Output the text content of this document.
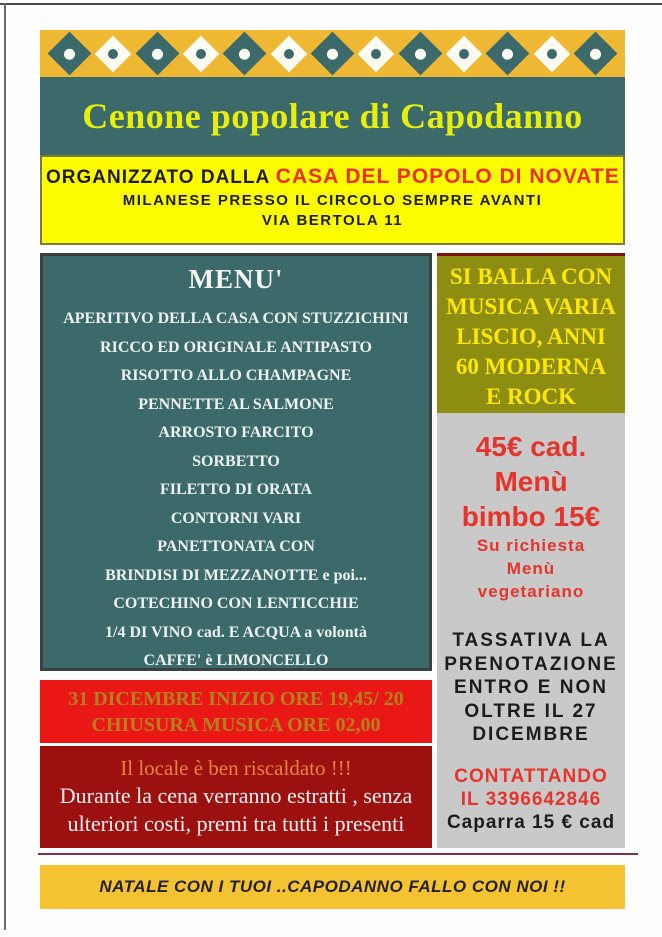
Cenone popolare di Capodanno
ORGANIZZATO DALLA CASA DEL POPOLO DI NOVATE
MILANESE PRESSO IL CIRCOLO SEMPRE AVANTI
VIA BERTOLA 11
MENU'
APERITIVO DELLA CASA CON STUZZICHINI
RICCO ED ORIGINALE ANTIPASTO
RISOTTO ALLO CHAMPAGNE
PENNETTE AL SALMONE
ARROSTO FARCITO
SORBETTO
FILETTO DI ORATA
CONTORNI VARI
PANETTONATA CON
BRINDISI DI MEZZANOTTE e poi...
COTECHINO CON LENTICCHIE
1/4 DI VINO cad. E ACQUA a volontà
CAFFE' è LIMONCELLO
31 DICEMBRE INIZIO ORE 19,45/ 20
CHIUSURA MUSICA ORE 02,00
Il locale è ben riscaldato !!!
Durante la cena verranno estratti , senza
ulteriori costi, premi tra tutti i presenti
SI BALLA CON
MUSICA VARIA
LISCIO, ANNI
60 MODERNA
E ROCK
45€ cad.
Menù
bimbo 15€
Su richiesta
Menù
vegetariano
TASSATIVA LA
PRENOTAZIONE
ENTRO E NON
OLTRE IL 27
DICEMBRE
CONTATTANDO
IL 3396642846
Caparra 15 € cad
NATALE CON I TUOI ..CAPODANNO FALLO CON NOI !!
